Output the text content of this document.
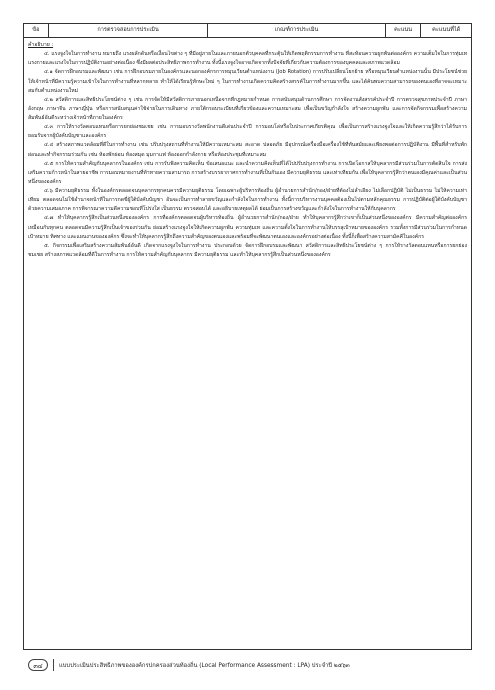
ข้อ	การตรวจสอบการประเมิน	เกณฑ์การประเมิน	คะแนน	คะแนนที่ได้

คำอธิบาย :

๔. แรงจูงใจในการทำงาน หมายถึง แรงผลักดันหรือเงื่อนไขต่าง ๆ ที่มีอยู่ภายในและภายนอกตัวบุคคลที่กระตุ้นให้เกิดพฤติกรรมการทำงาน ที่สะท้อนความผูกพันต่อองค์กร ความเต็มใจในการทุ่มเทแรงกายและแรงใจในการปฏิบัติงานอย่างต่อเนื่อง ซึ่งมีผลต่อประสิทธิภาพการทำงาน ทั้งนี้แรงจูงใจอาจเกิดจากทั้งปัจจัยที่เกี่ยวกับความต้องการของบุคคลและสภาพแวดล้อม

๔.๑ จัดการฝึกอบรมและพัฒนา เช่น การฝึกอบรมภายในองค์กรและนอกองค์กรการหมุนเวียนตำแหน่งงาน (Job Rotation) การปรับเปลี่ยนโยกย้าย หรือหมุนเวียนตำแหน่งงานนั้น มีประโยชน์ช่วยให้เจ้าหน้าที่มีความรู้ความเข้าใจในการทำงานที่หลากหลาย ทำให้ได้เรียนรู้ทักษะใหม่ ๆ ในการทำงานเกิดความคิดสร้างสรรค์ในการทำงานมากขึ้น และได้ค้นพบความสามารถของตนเองที่อาจจะเหมาะสมกับตำแหน่งงานใหม่

๔.๒ สวัสดิการและสิทธิประโยชน์ต่าง ๆ เช่น การจัดให้มีสวัสดิการภายนอกเหนือจากที่กฎหมายกำหนด การสนับสนุนด้านการศึกษา การจัดงานสังสรรค์ประจำปี การตรวจสุขภาพประจำปี ภาษาอังกฤษ ภาษาจีน ภาษาญี่ปุ่น หรือการสนับสนุนค่าใช้จ่ายในการเดินทาง ภายใต้กรอบระเบียบที่เกี่ยวข้องและความเหมาะสม เพื่อเป็นขวัญกำลังใจ สร้างความผูกพัน และการจัดกิจกรรมเพื่อสร้างความสัมพันธ์อันดีระหว่างเจ้าหน้าที่ภายในองค์กร

๔.๓ การให้รางวัลตอบแทนหรือการยกย่องชมเชย เช่น การมอบรางวัลพนักงานดีเด่นประจำปี การมอบโล่หรือใบประกาศเกียรติคุณ เพื่อเป็นการสร้างแรงจูงใจและให้เกิดความรู้สึกว่าได้รับการยอมรับจากผู้บังคับบัญชาและองค์กร

๔.๔ สร้างสภาพแวดล้อมที่ดีในการทำงาน เช่น ปรับปรุงสถานที่ทำงานให้มีความเหมาะสม สะอาด ปลอดภัย มีอุปกรณ์เครื่องมือเครื่องใช้ที่ทันสมัยและเพียงพอต่อการปฏิบัติงาน มีพื้นที่สำหรับพักผ่อนและทำกิจกรรมร่วมกัน เช่น ห้องพักผ่อน ห้องสมุด มุมกาแฟ ห้องออกกำลังกาย หรือห้องประชุมที่เหมาะสม

๔.๕ การให้ความสำคัญกับบุคลากรในองค์กร เช่น การรับฟังความคิดเห็น ข้อเสนอแนะ และนำความคิดเห็นที่ได้ไปปรับปรุงการทำงาน การเปิดโอกาสให้บุคลากรมีส่วนร่วมในการตัดสินใจ การส่งเสริมความก้าวหน้าในสายอาชีพ การมอบหมายงานที่ท้าทายความสามารถ การสร้างบรรยากาศการทำงานที่เป็นกันเอง มีความยุติธรรม และเท่าเทียมกัน เพื่อให้บุคลากรรู้สึกว่าตนเองมีคุณค่าและเป็นส่วนหนึ่งขององค์กร

๔.๖ มีความยุติธรรม ทั้งในองค์กรตลอดจนบุคลากรทุกคนควรมีความยุติธรรม โดยเฉพาะผู้บริหารท้องถิ่น ผู้อำนวยการสำนัก/กอง/ฝ่ายที่ต้องไม่ลำเอียง ไม่เลือกปฏิบัติ ไม่เป็นธรรม ไม่ให้ความเท่าเทียม ตลอดจนไม่ใช้อำนาจหน้าที่ในการกดขี่ผู้ใต้บังคับบัญชา อันจะเป็นการทำลายขวัญและกำลังใจในการทำงาน ทั้งนี้การบริหารงานบุคคลต้องเป็นไปตามหลักคุณธรรม การปฏิบัติต่อผู้ใต้บังคับบัญชาด้วยความเสมอภาค การพิจารณาความดีความชอบที่โปร่งใส เป็นธรรม ตรวจสอบได้ และอธิบายเหตุผลได้ ย่อมเป็นการสร้างขวัญและกำลังใจในการทำงานให้กับบุคลากร

๔.๗ ทำให้บุคลากรรู้สึกเป็นส่วนหนึ่งขององค์กร การที่องค์กรตลอดจนผู้บริหารท้องถิ่น ผู้อำนวยการสำนัก/กอง/ฝ่าย ทำให้บุคลากรรู้สึกว่าเขาก็เป็นส่วนหนึ่งขององค์กร มีความสำคัญต่อองค์กรเหมือนกับทุกคน ตลอดจนมีความรู้สึกเป็นเจ้าของร่วมกัน ย่อมสร้างแรงจูงใจให้เกิดความผูกพัน ความทุ่มเท และความตั้งใจในการทำงานให้บรรลุเป้าหมายขององค์กร รวมทั้งการมีส่วนร่วมในการกำหนดเป้าหมาย ทิศทาง และแผนงานขององค์กร ซึ่งจะทำให้บุคลากรรู้สึกถึงความสำคัญของตนเองและพร้อมที่จะพัฒนาตนเองและองค์กรอย่างต่อเนื่อง ทั้งนี้ก็เพื่อสร้างความสามัคคีในองค์กร

๕. กิจกรรมเพื่อเสริมสร้างความสัมพันธ์อันดี เกิดจากแรงจูงใจในการทำงาน ประกอบด้วย จัดการฝึกอบรมและพัฒนา สวัสดิการและสิทธิประโยชน์ต่าง ๆ การให้รางวัลตอบแทนหรือการยกย่องชมเชย สร้างสภาพแวดล้อมที่ดีในการทำงาน การให้ความสำคัญกับบุคลากร มีความยุติธรรม และทำให้บุคลากรรู้สึกเป็นส่วนหนึ่งขององค์กร

๓๔	แบบประเมินประสิทธิภาพขององค์กรปกครองส่วนท้องถิ่น (Local Performance Assessment : LPA) ประจำปี ๒๕๖๓
